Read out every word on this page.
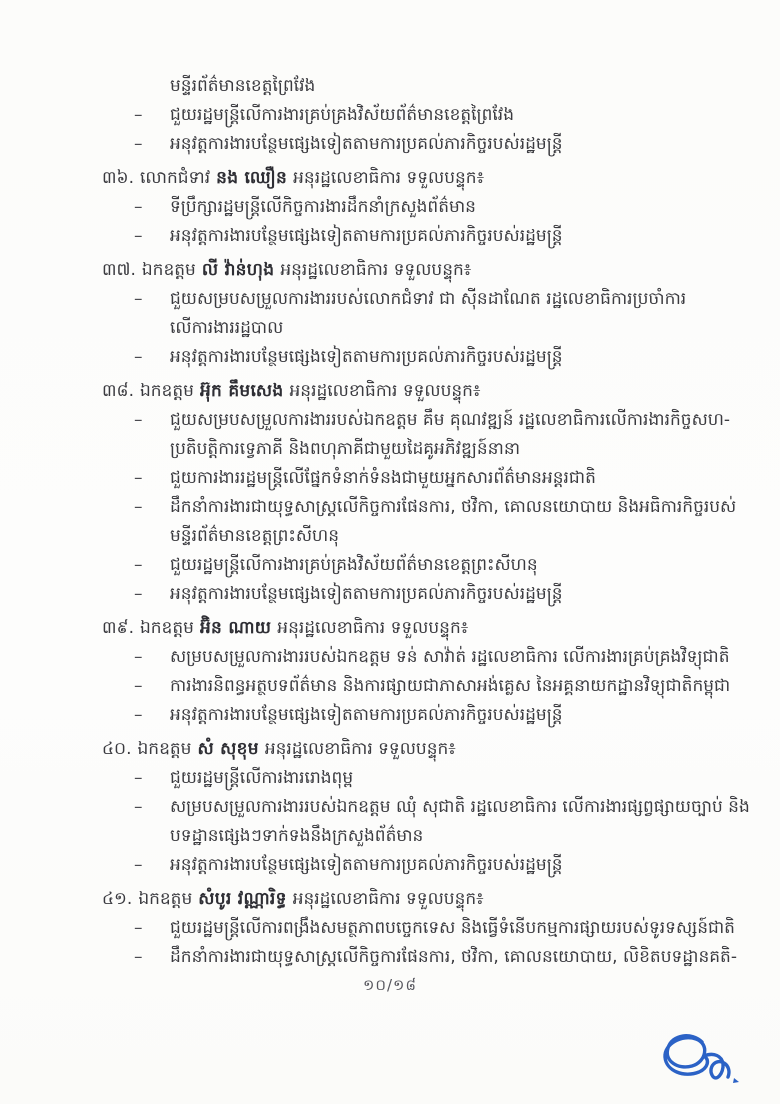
មន្ទីរព័ត៌មានខេត្តព្រៃវែង
–	ជួយរដ្ឋមន្ត្រីលើការងារគ្រប់គ្រងវិស័យព័ត៌មានខេត្តព្រៃវែង
–	អនុវត្តការងារបន្ថែមផ្សេងទៀតតាមការប្រគល់ភារកិច្ចរបស់រដ្ឋមន្ត្រី
៣៦. លោកជំទាវ នង ឈឿន អនុរដ្ឋលេខាធិការ ទទួលបន្ទុក៖
–	ទីប្រឹក្សារដ្ឋមន្ត្រីលើកិច្ចការងារដឹកនាំក្រសួងព័ត៌មាន
–	អនុវត្តការងារបន្ថែមផ្សេងទៀតតាមការប្រគល់ភារកិច្ចរបស់រដ្ឋមន្ត្រី
៣៧. ឯកឧត្តម លី វ៉ាន់ហុង អនុរដ្ឋលេខាធិការ ទទួលបន្ទុក៖
–	ជួយសម្របសម្រួលការងាររបស់លោកជំទាវ ជា ស៊ីនដាណែត រដ្ឋលេខាធិការប្រចាំការ លើការងាររដ្ឋបាល
–	អនុវត្តការងារបន្ថែមផ្សេងទៀតតាមការប្រគល់ភារកិច្ចរបស់រដ្ឋមន្ត្រី
៣៨. ឯកឧត្តម អ៊ុក គឹមសេង អនុរដ្ឋលេខាធិការ ទទួលបន្ទុក៖
–	ជួយសម្របសម្រួលការងាររបស់ឯកឧត្តម គឹម គុណវឌ្ឍន៍ រដ្ឋលេខាធិការលើការងារកិច្ចសហ-ប្រតិបត្តិការទ្វេភាគី និងពហុភាគីជាមួយដៃគូអភិវឌ្ឍន៍នានា
–	ជួយការងាររដ្ឋមន្ត្រីលើផ្នែកទំនាក់ទំនងជាមួយអ្នកសារព័ត៌មានអន្តរជាតិ
–	ដឹកនាំការងារជាយុទ្ធសាស្ត្រលើកិច្ចការផែនការ, ថវិកា, គោលនយោបាយ និងអធិការកិច្ចរបស់មន្ទីរព័ត៌មានខេត្តព្រះសីហនុ
–	ជួយរដ្ឋមន្ត្រីលើការងារគ្រប់គ្រងវិស័យព័ត៌មានខេត្តព្រះសីហនុ
–	អនុវត្តការងារបន្ថែមផ្សេងទៀតតាមការប្រគល់ភារកិច្ចរបស់រដ្ឋមន្ត្រី
៣៩. ឯកឧត្តម អ៊ិន ណាយ អនុរដ្ឋលេខាធិការ ទទួលបន្ទុក៖
–	សម្របសម្រួលការងាររបស់ឯកឧត្តម ទន់ សាវ៉ាត់ រដ្ឋលេខាធិការ លើការងារគ្រប់គ្រងវិទ្យុជាតិ
–	ការងារនិពន្ធអត្ថបទព័ត៌មាន និងការផ្សាយជាភាសាអង់គ្លេស នៃអគ្គនាយកដ្ឋានវិទ្យុជាតិកម្ពុជា
–	អនុវត្តការងារបន្ថែមផ្សេងទៀតតាមការប្រគល់ភារកិច្ចរបស់រដ្ឋមន្ត្រី
៤០. ឯកឧត្តម សំ សុខុម អនុរដ្ឋលេខាធិការ ទទួលបន្ទុក៖
–	ជួយរដ្ឋមន្ត្រីលើការងាររោងពុម្ព
–	សម្របសម្រួលការងាររបស់ឯកឧត្តម ឈុំ សុជាតិ រដ្ឋលេខាធិការ លើការងារផ្សព្វផ្សាយច្បាប់ និងបទដ្ឋានផ្សេងៗទាក់ទងនឹងក្រសួងព័ត៌មាន
–	អនុវត្តការងារបន្ថែមផ្សេងទៀតតាមការប្រគល់ភារកិច្ចរបស់រដ្ឋមន្ត្រី
៤១. ឯកឧត្តម សំបូរ វណ្ណារិទ្ធ អនុរដ្ឋលេខាធិការ ទទួលបន្ទុក៖
–	ជួយរដ្ឋមន្ត្រីលើការពង្រឹងសមត្ថភាពបច្ចេកទេស និងធ្វើទំនើបកម្មការផ្សាយរបស់ទូរទស្សន៍ជាតិ
–	ដឹកនាំការងារជាយុទ្ធសាស្ត្រលើកិច្ចការផែនការ, ថវិកា, គោលនយោបាយ, លិខិតបទដ្ឋានគតិ-
១០/១៨
